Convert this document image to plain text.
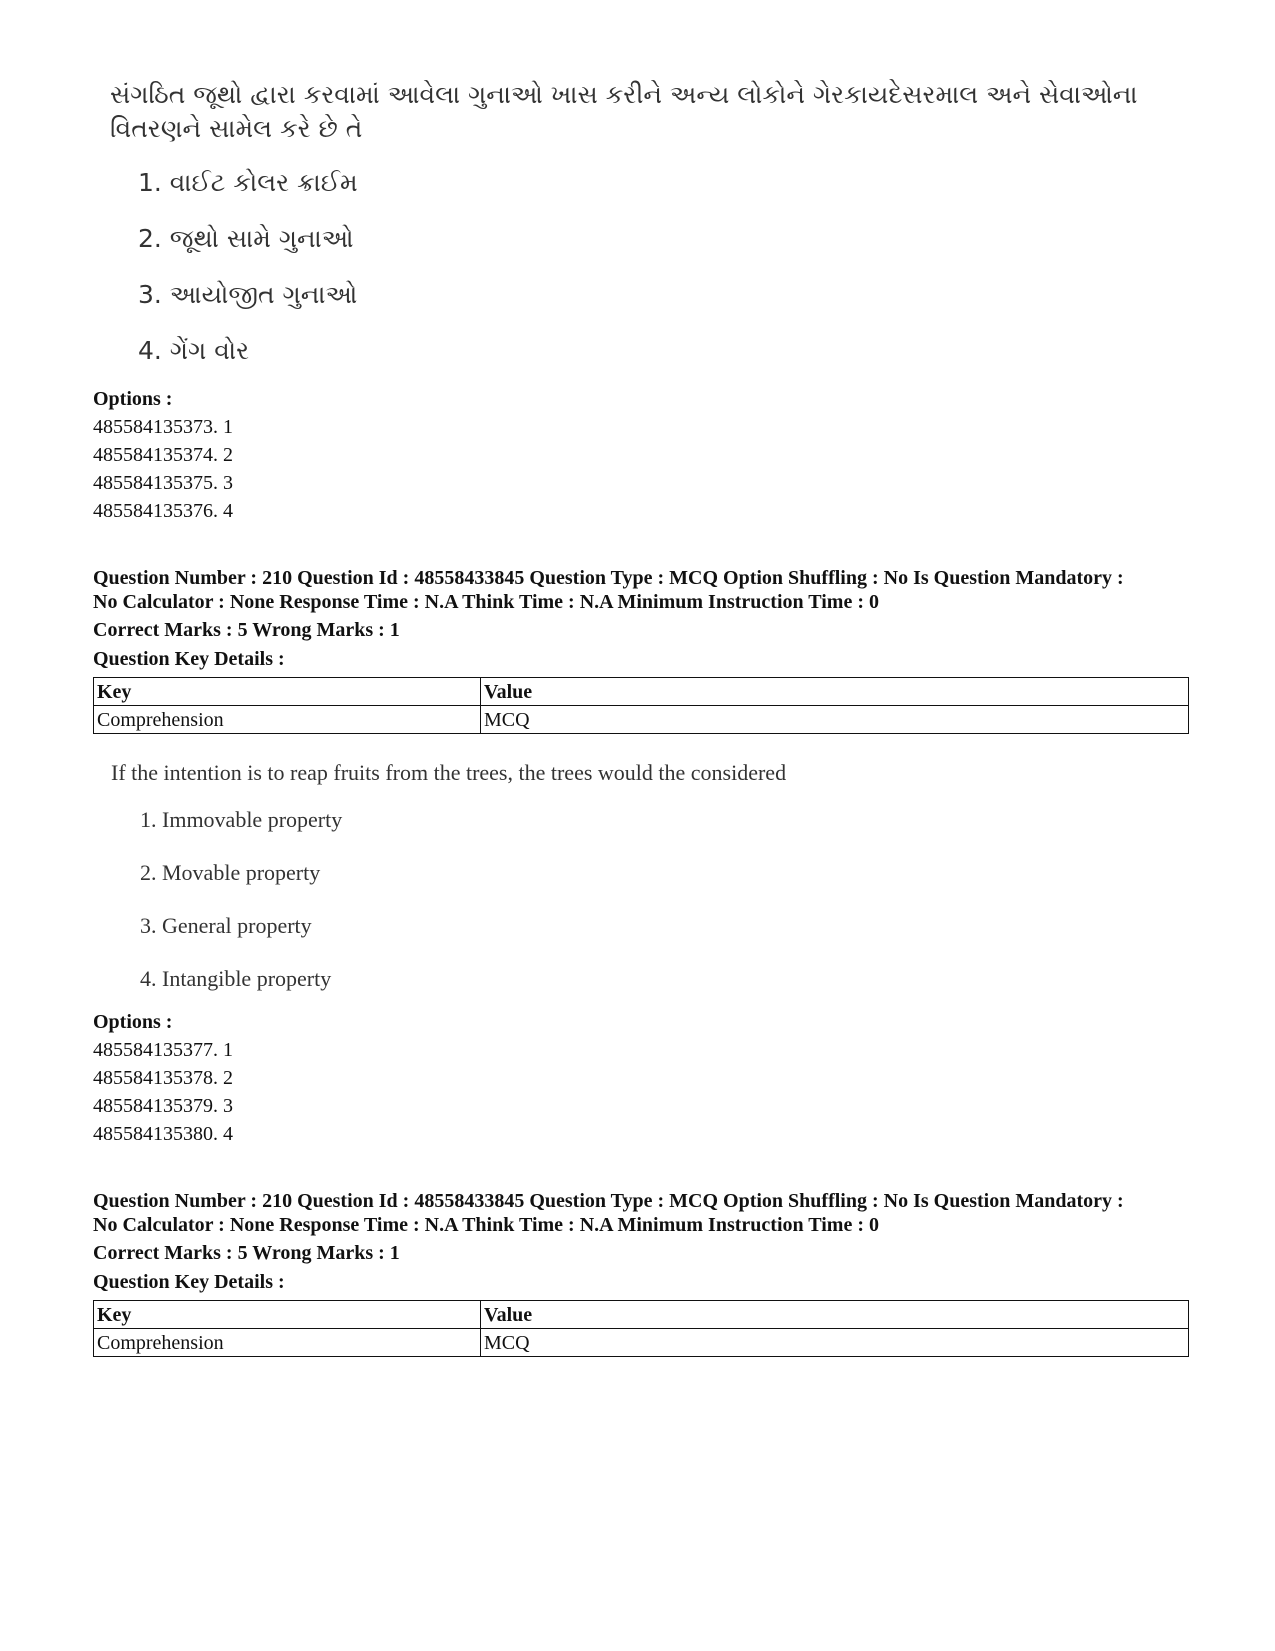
સંગઠિત જૂથો દ્વારા કરવામાં આવેલા ગુનાઓ ખાસ કરીને અન્ય લોકોને ગેરકાયદેસરમાલ અને સેવાઓના વિતરણને સામેલ કરે છે તે
1. વાઈટ કોલર ક્રાઈમ
2. જૂથો સામે ગુનાઓ
3. આયોજીત ગુનાઓ
4. ગેંગ વોર
Options :
485584135373. 1
485584135374. 2
485584135375. 3
485584135376. 4
Question Number : 210 Question Id : 48558433845 Question Type : MCQ Option Shuffling : No Is Question Mandatory :
No Calculator : None Response Time : N.A Think Time : N.A Minimum Instruction Time : 0
Correct Marks : 5 Wrong Marks : 1
Question Key Details :
Key	Value
Comprehension	MCQ
If the intention is to reap fruits from the trees, the trees would the considered
1. Immovable property
2. Movable property
3. General property
4. Intangible property
Options :
485584135377. 1
485584135378. 2
485584135379. 3
485584135380. 4
Question Number : 210 Question Id : 48558433845 Question Type : MCQ Option Shuffling : No Is Question Mandatory :
No Calculator : None Response Time : N.A Think Time : N.A Minimum Instruction Time : 0
Correct Marks : 5 Wrong Marks : 1
Question Key Details :
Key	Value
Comprehension	MCQ
